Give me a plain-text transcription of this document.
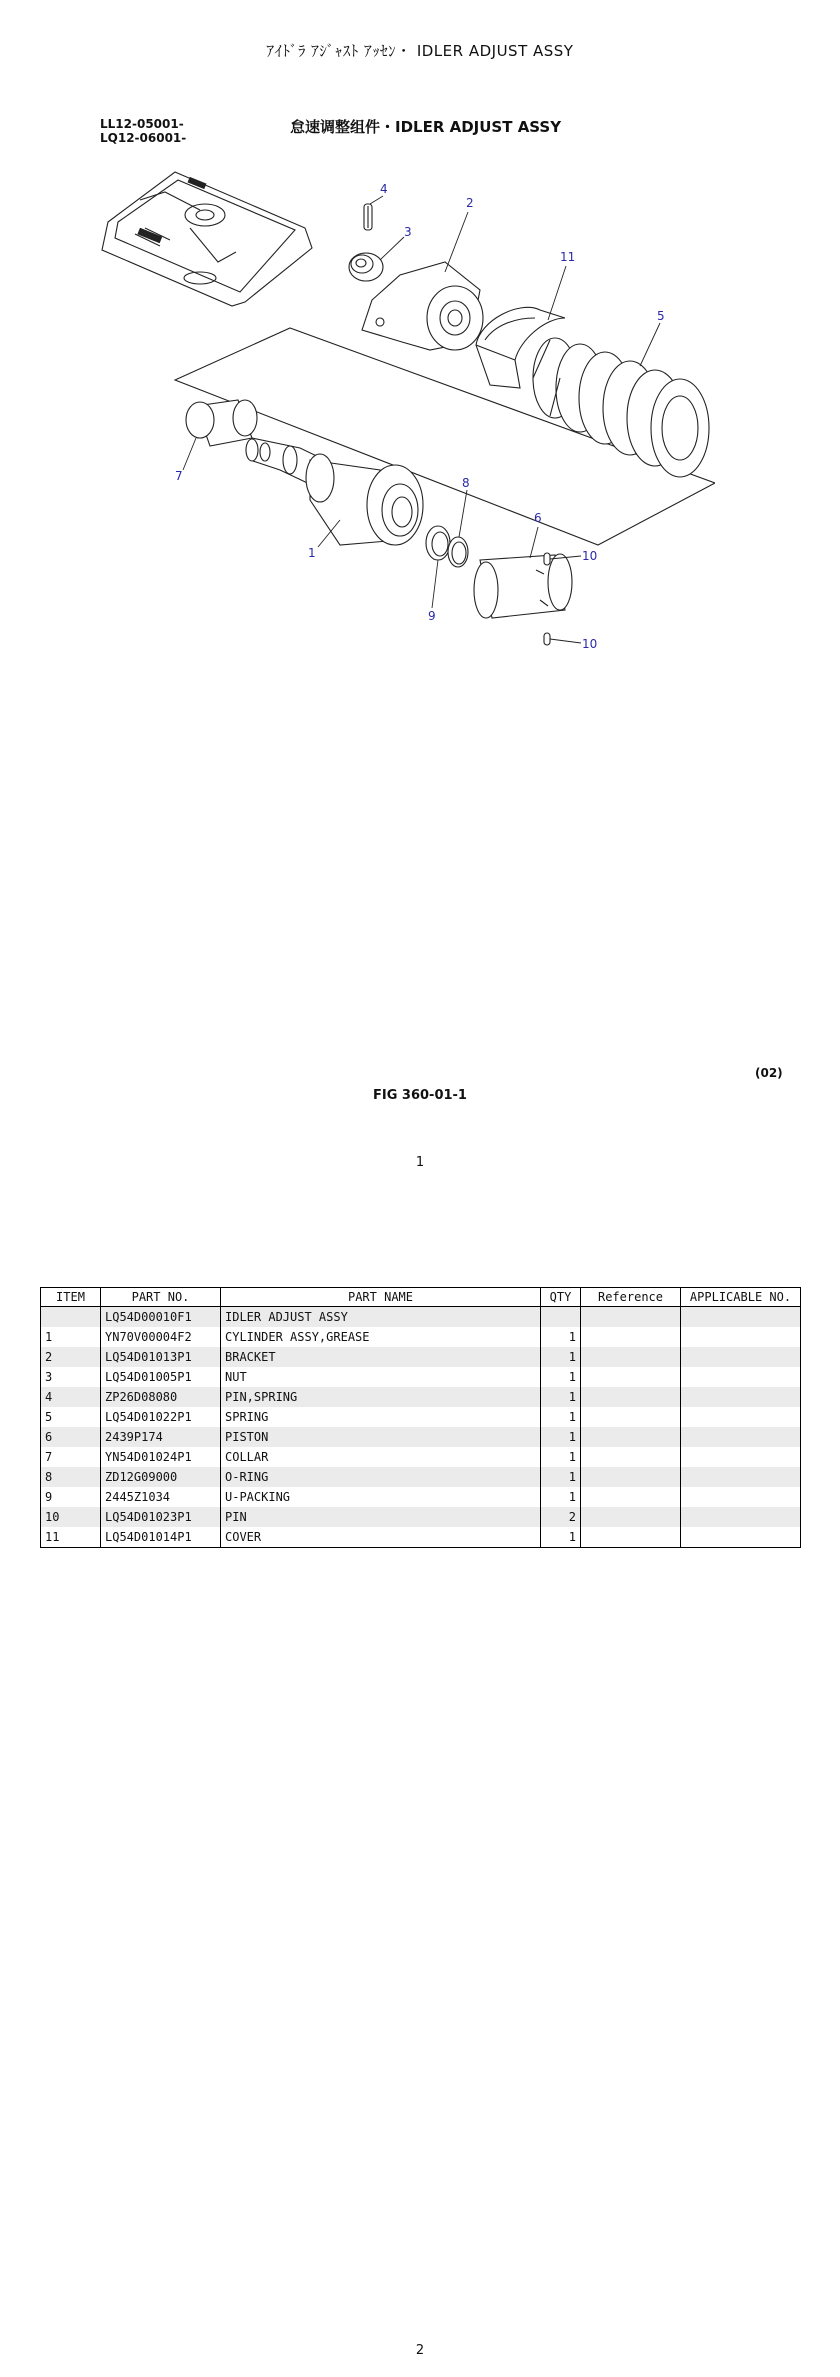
ｱｲﾄﾞﾗ ｱｼﾞｬｽﾄ ｱｯｾﾝ・ IDLER ADJUST ASSY
LL12-05001-
LQ12-06001-
怠速调整组件・IDLER ADJUST ASSY
4
3
2
11
5
7
1
8
9
6
10
10
(02)
FIG 360-01-1
1
ITEM	PART NO.	PART NAME	QTY	Reference	APPLICABLE NO.
	LQ54D00010F1	IDLER ADJUST ASSY			
1	YN70V00004F2	CYLINDER ASSY,GREASE	1		
2	LQ54D01013P1	BRACKET	1		
3	LQ54D01005P1	NUT	1		
4	ZP26D08080	PIN,SPRING	1		
5	LQ54D01022P1	SPRING	1		
6	2439P174	PISTON	1		
7	YN54D01024P1	COLLAR	1		
8	ZD12G09000	O-RING	1		
9	2445Z1034	U-PACKING	1		
10	LQ54D01023P1	PIN	2		
11	LQ54D01014P1	COVER	1		
2
